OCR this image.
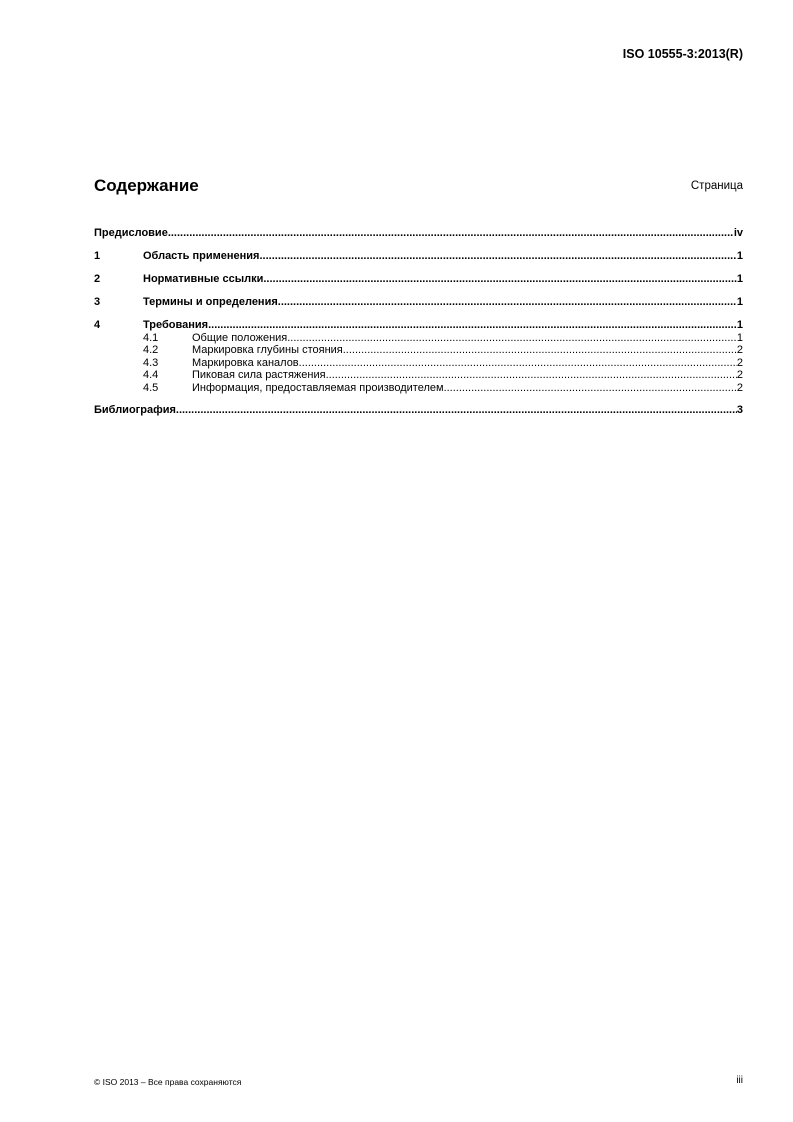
ISO 10555-3:2013(R)
Содержание	Страница
Предисловие .....	iv
1	Область применения .....	1
2	Нормативные ссылки .....	1
3	Термины и определения .....	1
4	Требования .....	1
4.1	Общие положения .....	1
4.2	Маркировка глубины стояния .....	2
4.3	Маркировка каналов .....	2
4.4	Пиковая сила растяжения .....	2
4.5	Информация, предоставляемая производителем .....	2
Библиография .....	3
© ISO 2013 – Все права сохраняются	iii
